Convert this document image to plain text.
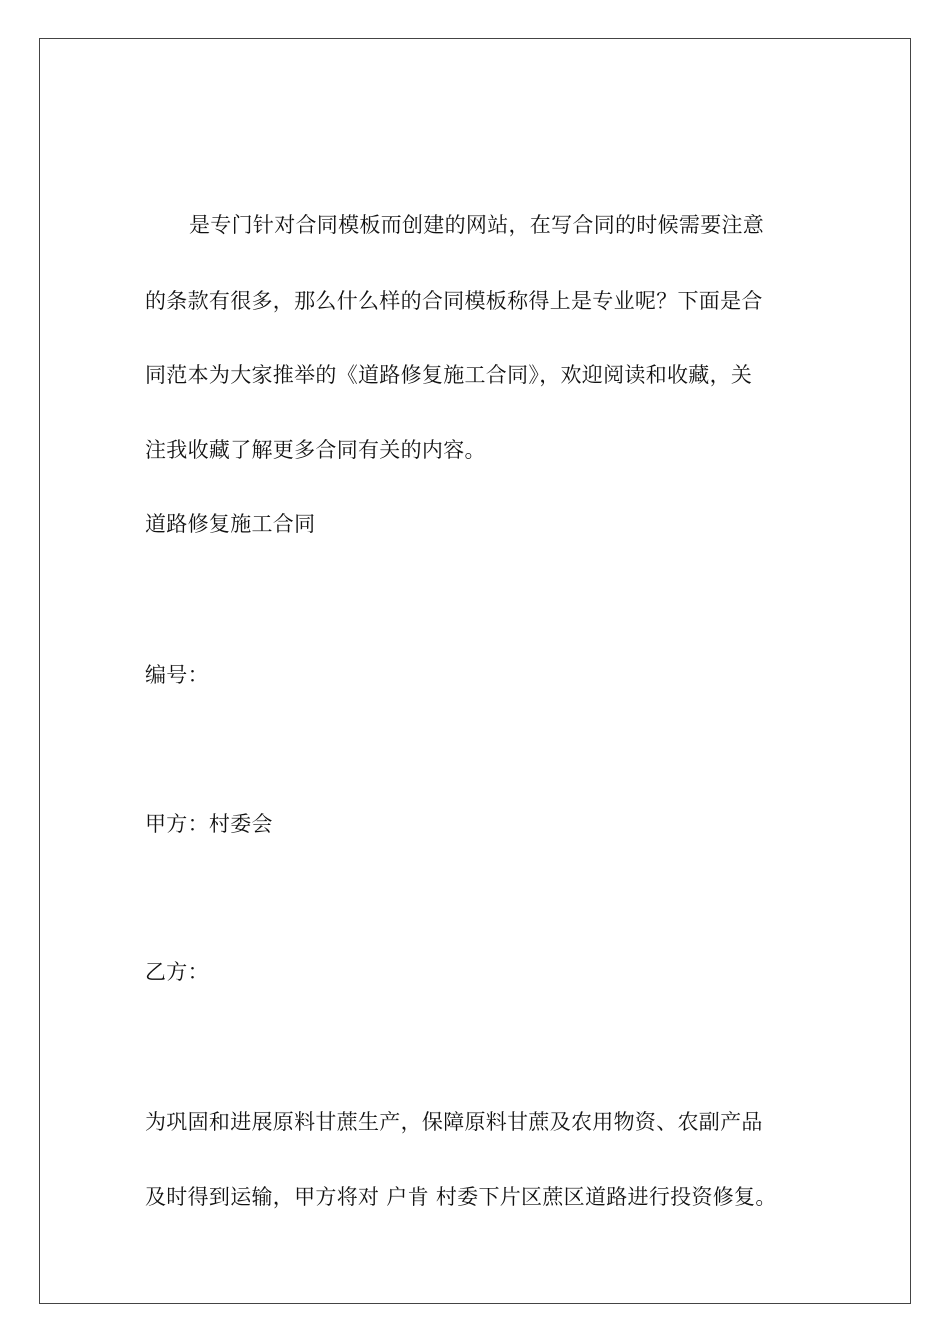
是专门针对合同模板而创建的网站，在写合同的时候需要注意
的条款有很多，那么什么样的合同模板称得上是专业呢？下面是合
同范本为大家推举的《道路修复施工合同》，欢迎阅读和收藏，关
注我收藏了解更多合同有关的内容。
道路修复施工合同
编号：
甲方：村委会
乙方：
为巩固和进展原料甘蔗生产，保障原料甘蔗及农用物资、农副产品
及时得到运输，甲方将对 户肯 村委下片区蔗区道路进行投资修复。
